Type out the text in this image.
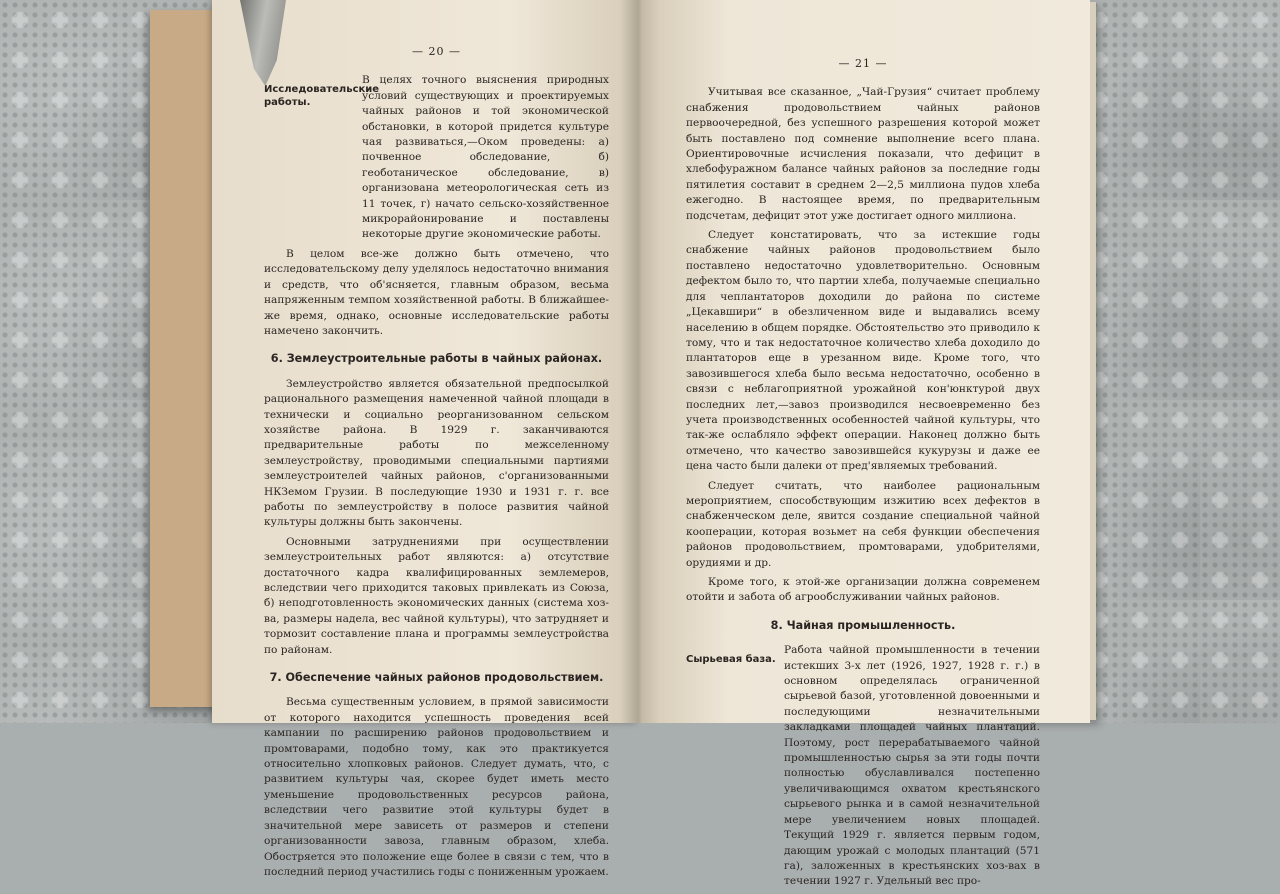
— 20 —
Исследовательские работы.

В целях точного выяснения природных условий существующих и проектируемых чайных районов и той экономической обстановки, в которой придется культуре чая развиваться,—Оком проведены: а) почвенное обследование, б) геоботаническое обследование, в) организована метеорологическая сеть из 11 точек, г) начато сельско-хозяйственное микрорайонирование и поставлены некоторые другие экономические работы.

В целом все-же должно быть отмечено, что исследовательскому делу уделялось недостаточно внимания и средств, что об'ясняется, главным образом, весьма напряженным темпом хозяйственной работы. В ближайшее-же время, однако, основные исследовательские работы намечено закончить.

6. Землеустроительные работы в чайных районах.

Землеустройство является обязательной предпосылкой рационального размещения намеченной чайной площади в технически и социально реорганизованном сельском хозяйстве района. В 1929 г. заканчиваются предварительные работы по межселенному землеустройству, проводимыми специальными партиями землеустроителей чайных районов, с'организованными НКЗемом Грузии. В последующие 1930 и 1931 г. г. все работы по землеустройству в полосе развития чайной культуры должны быть закончены.

Основными затруднениями при осуществлении землеустроительных работ являются: а) отсутствие достаточного кадра квалифицированных землемеров, вследствии чего приходится таковых привлекать из Союза, б) неподготовленность экономических данных (система хоз-ва, размеры надела, вес чайной культуры), что затрудняет и тормозит составление плана и программы землеустройства по районам.

7. Обеспечение чайных районов продовольствием.

Весьма существенным условием, в прямой зависимости от которого находится успешность проведения всей кампании по расширению районов продовольствием и промтоварами, подобно тому, как это практикуется относительно хлопковых районов. Следует думать, что, с развитием культуры чая, скорее будет иметь место уменьшение продовольственных ресурсов района, вследствии чего развитие этой культуры будет в значительной мере зависеть от размеров и степени организованности завоза, главным образом, хлеба. Обостряется это положение еще более в связи с тем, что в последний период участились годы с пониженным урожаем.

— 21 —

Учитывая все сказанное, „Чай-Грузия“ считает проблему снабжения продовольствием чайных районов первоочередной, без успешного разрешения которой может быть поставлено под сомнение выполнение всего плана. Ориентировочные исчисления показали, что дефицит в хлебофуражном балансе чайных районов за последние годы пятилетия составит в среднем 2—2,5 миллиона пудов хлеба ежегодно. В настоящее время, по предварительным подсчетам, дефицит этот уже достигает одного миллиона.

Следует констатировать, что за истекшие годы снабжение чайных районов продовольствием было поставлено недостаточно удовлетворительно. Основным дефектом было то, что партии хлеба, получаемые специально для чеплантаторов доходили до района по системе „Цекавшири“ в обезличенном виде и выдавались всему населению в общем порядке. Обстоятельство это приводило к тому, что и так недостаточное количество хлеба доходило до плантаторов еще в урезанном виде. Кроме того, что завозившегося хлеба было весьма недостаточно, особенно в связи с неблагоприятной урожайной кон'юнктурой двух последних лет,—завоз производился несвоевременно без учета производственных особенностей чайной культуры, что так-же ослабляло эффект операции. Наконец должно быть отмечено, что качество завозившейся кукурузы и даже ее цена часто были далеки от пред'являемых требований.

Следует считать, что наиболее рациональным мероприятием, способствующим изжитию всех дефектов в снабженческом деле, явится создание специальной чайной кооперации, которая возьмет на себя функции обеспечения районов продовольствием, промтоварами, удобрителями, орудиями и др.

Кроме того, к этой-же организации должна современем отойти и забота об агрообслуживании чайных районов.

8. Чайная промышленность.

Сырьевая база.

Работа чайной промышленности в течении истекших 3-х лет (1926, 1927, 1928 г. г.) в основном определялась ограниченной сырьевой базой, уготовленной довоенными и последующими незначительными закладками площадей чайных плантаций. Поэтому, рост перерабатываемого чайной промышленностью сырья за эти годы почти полностью обуславливался постепенно увеличивающимся охватом крестьянского сырьевого рынка и в самой незначительной мере увеличением новых площадей. Текущий 1929 г. является первым годом, дающим урожай с молодых плантаций (571 га), заложенных в крестьянских хоз-вах в течении 1927 г. Удельный вес про-
